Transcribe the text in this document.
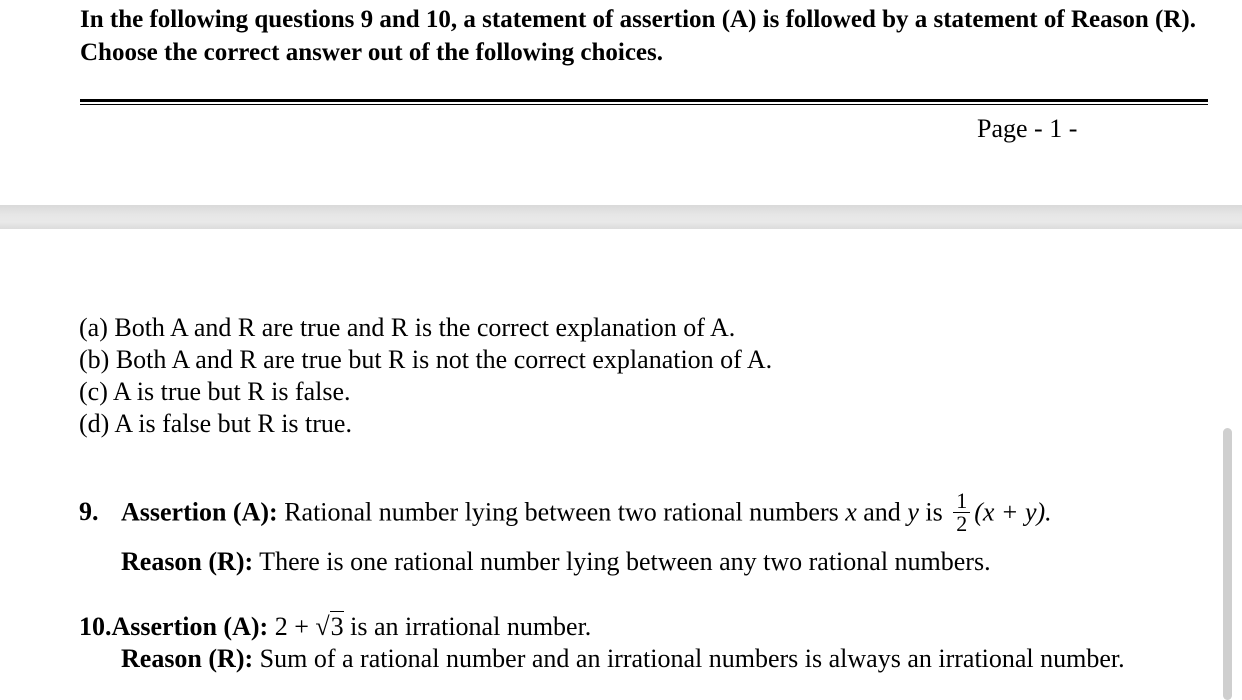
In the following questions 9 and 10, a statement of assertion (A) is followed by a statement of Reason (R). Choose the correct answer out of the following choices.
Page - 1 -
(a) Both A and R are true and R is the correct explanation of A.
(b) Both A and R are true but R is not the correct explanation of A.
(c) A is true but R is false.
(d) A is false but R is true.
9. Assertion (A): Rational number lying between two rational numbers x and y is $\frac{1}{2} (x + y)$.
Reason (R): There is one rational number lying between any two rational numbers.
10.Assertion (A): 2 + √3 is an irrational number.
Reason (R): Sum of a rational number and an irrational numbers is always an irrational number.
